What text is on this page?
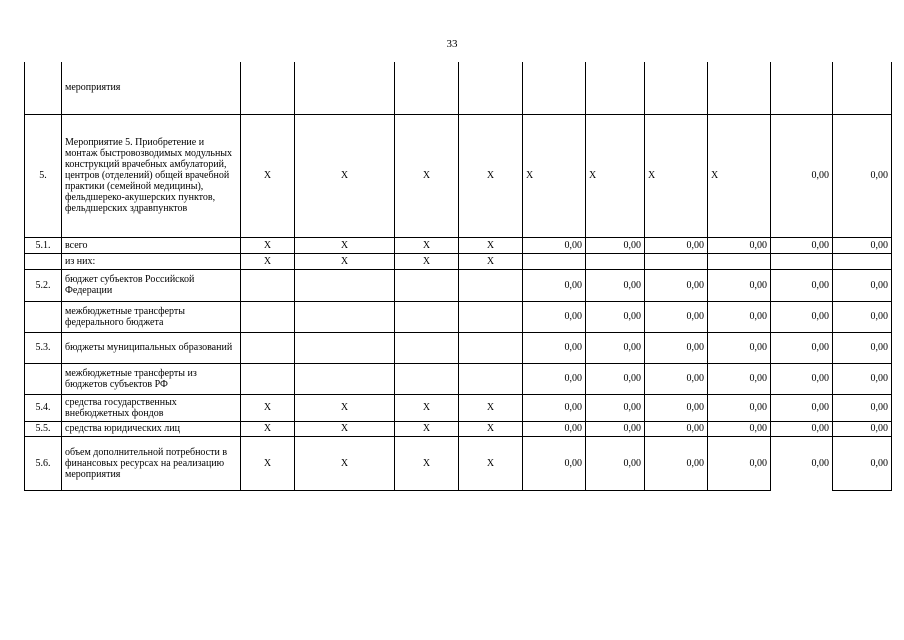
33
	мероприятия										
5.	Мероприятие 5. Приобретение и монтаж быстровозводимых модульных конструкций врачебных амбулаторий, центров (отделений) общей врачебной практики (семейной медицины), фельдшереко-акушерских пунктов, фельдшерских здравпунктов	X	X	X	X	X	X	X	X	0,00	0,00
5.1.	всего	X	X	X	X	0,00	0,00	0,00	0,00	0,00	0,00
	из них:	X	X	X	X						
5.2.	бюджет субъектов Российской Федерации					0,00	0,00	0,00	0,00	0,00	0,00
	межбюджетные трансферты федерального бюджета					0,00	0,00	0,00	0,00	0,00	0,00
5.3.	бюджеты муниципальных образований					0,00	0,00	0,00	0,00	0,00	0,00
	межбюджетные трансферты из бюджетов субъектов РФ					0,00	0,00	0,00	0,00	0,00	0,00
5.4.	средства государственных внебюджетных фондов	X	X	X	X	0,00	0,00	0,00	0,00	0,00	0,00
5.5.	средства юридических лиц	X	X	X	X	0,00	0,00	0,00	0,00	0,00	0,00
5.6.	объем дополнительной потребности в финансовых ресурсах на реализацию мероприятия	X	X	X	X	0,00	0,00	0,00	0,00	0,00	0,00
